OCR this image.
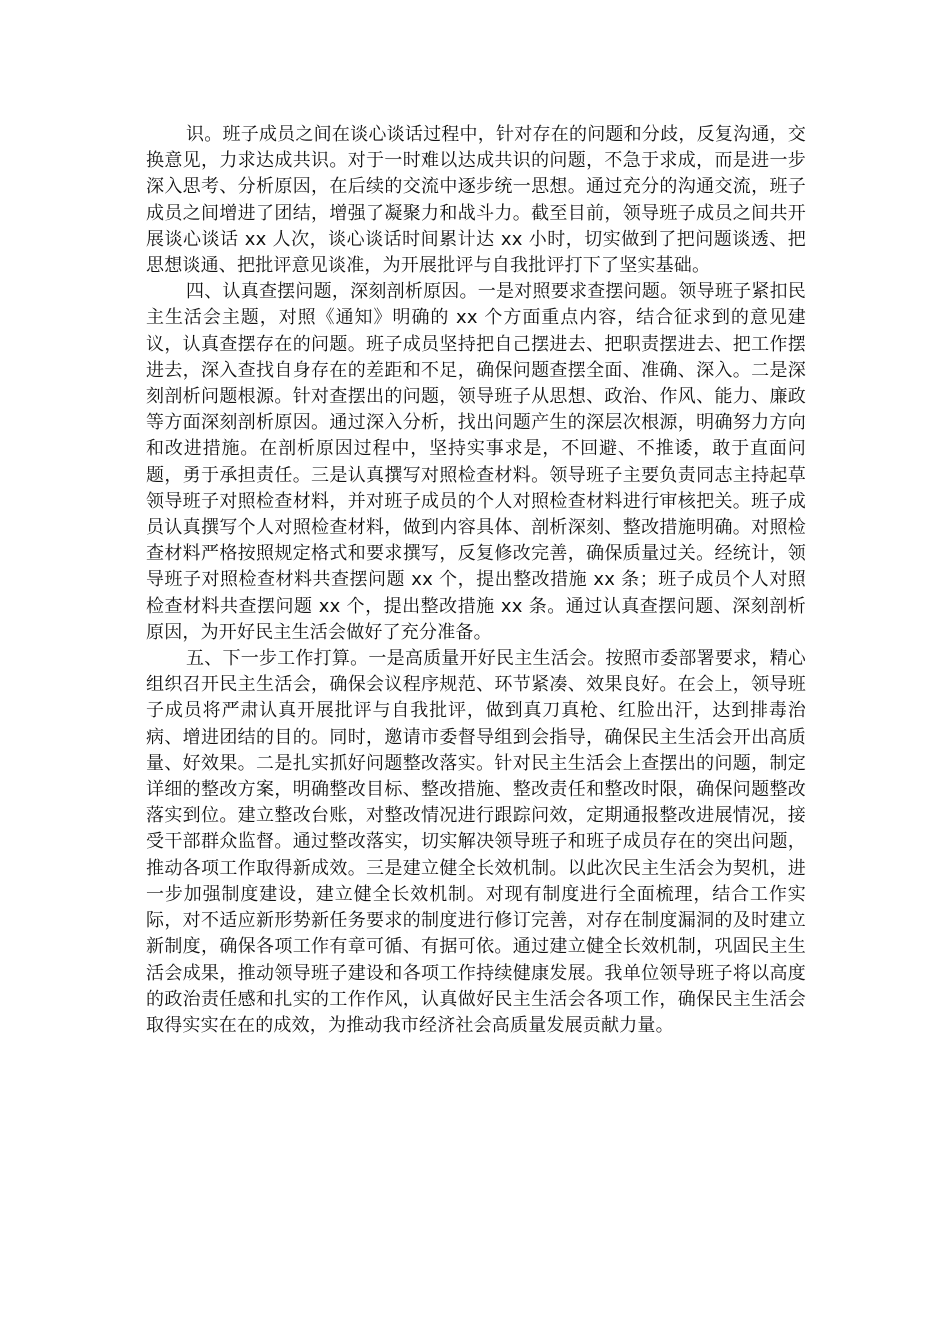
识。班子成员之间在谈心谈话过程中，针对存在的问题和分歧，反复沟通，交换意见，力求达成共识。对于一时难以达成共识的问题，不急于求成，而是进一步深入思考、分析原因，在后续的交流中逐步统一思想。通过充分的沟通交流，班子成员之间增进了团结，增强了凝聚力和战斗力。截至目前，领导班子成员之间共开展谈心谈话 xx 人次，谈心谈话时间累计达 xx 小时，切实做到了把问题谈透、把思想谈通、把批评意见谈准，为开展批评与自我批评打下了坚实基础。

四、认真查摆问题，深刻剖析原因。一是对照要求查摆问题。领导班子紧扣民主生活会主题，对照《通知》明确的 xx 个方面重点内容，结合征求到的意见建议，认真查摆存在的问题。班子成员坚持把自己摆进去、把职责摆进去、把工作摆进去，深入查找自身存在的差距和不足，确保问题查摆全面、准确、深入。二是深刻剖析问题根源。针对查摆出的问题，领导班子从思想、政治、作风、能力、廉政等方面深刻剖析原因。通过深入分析，找出问题产生的深层次根源，明确努力方向和改进措施。在剖析原因过程中，坚持实事求是，不回避、不推诿，敢于直面问题，勇于承担责任。三是认真撰写对照检查材料。领导班子主要负责同志主持起草领导班子对照检查材料，并对班子成员的个人对照检查材料进行审核把关。班子成员认真撰写个人对照检查材料，做到内容具体、剖析深刻、整改措施明确。对照检查材料严格按照规定格式和要求撰写，反复修改完善，确保质量过关。经统计，领导班子对照检查材料共查摆问题 xx 个，提出整改措施 xx 条；班子成员个人对照检查材料共查摆问题 xx 个，提出整改措施 xx 条。通过认真查摆问题、深刻剖析原因，为开好民主生活会做好了充分准备。

五、下一步工作打算。一是高质量开好民主生活会。按照市委部署要求，精心组织召开民主生活会，确保会议程序规范、环节紧凑、效果良好。在会上，领导班子成员将严肃认真开展批评与自我批评，做到真刀真枪、红脸出汗，达到排毒治病、增进团结的目的。同时，邀请市委督导组到会指导，确保民主生活会开出高质量、好效果。二是扎实抓好问题整改落实。针对民主生活会上查摆出的问题，制定详细的整改方案，明确整改目标、整改措施、整改责任和整改时限，确保问题整改落实到位。建立整改台账，对整改情况进行跟踪问效，定期通报整改进展情况，接受干部群众监督。通过整改落实，切实解决领导班子和班子成员存在的突出问题，推动各项工作取得新成效。三是建立健全长效机制。以此次民主生活会为契机，进一步加强制度建设，建立健全长效机制。对现有制度进行全面梳理，结合工作实际，对不适应新形势新任务要求的制度进行修订完善，对存在制度漏洞的及时建立新制度，确保各项工作有章可循、有据可依。通过建立健全长效机制，巩固民主生活会成果，推动领导班子建设和各项工作持续健康发展。我单位领导班子将以高度的政治责任感和扎实的工作作风，认真做好民主生活会各项工作，确保民主生活会取得实实在在的成效，为推动我市经济社会高质量发展贡献力量。
